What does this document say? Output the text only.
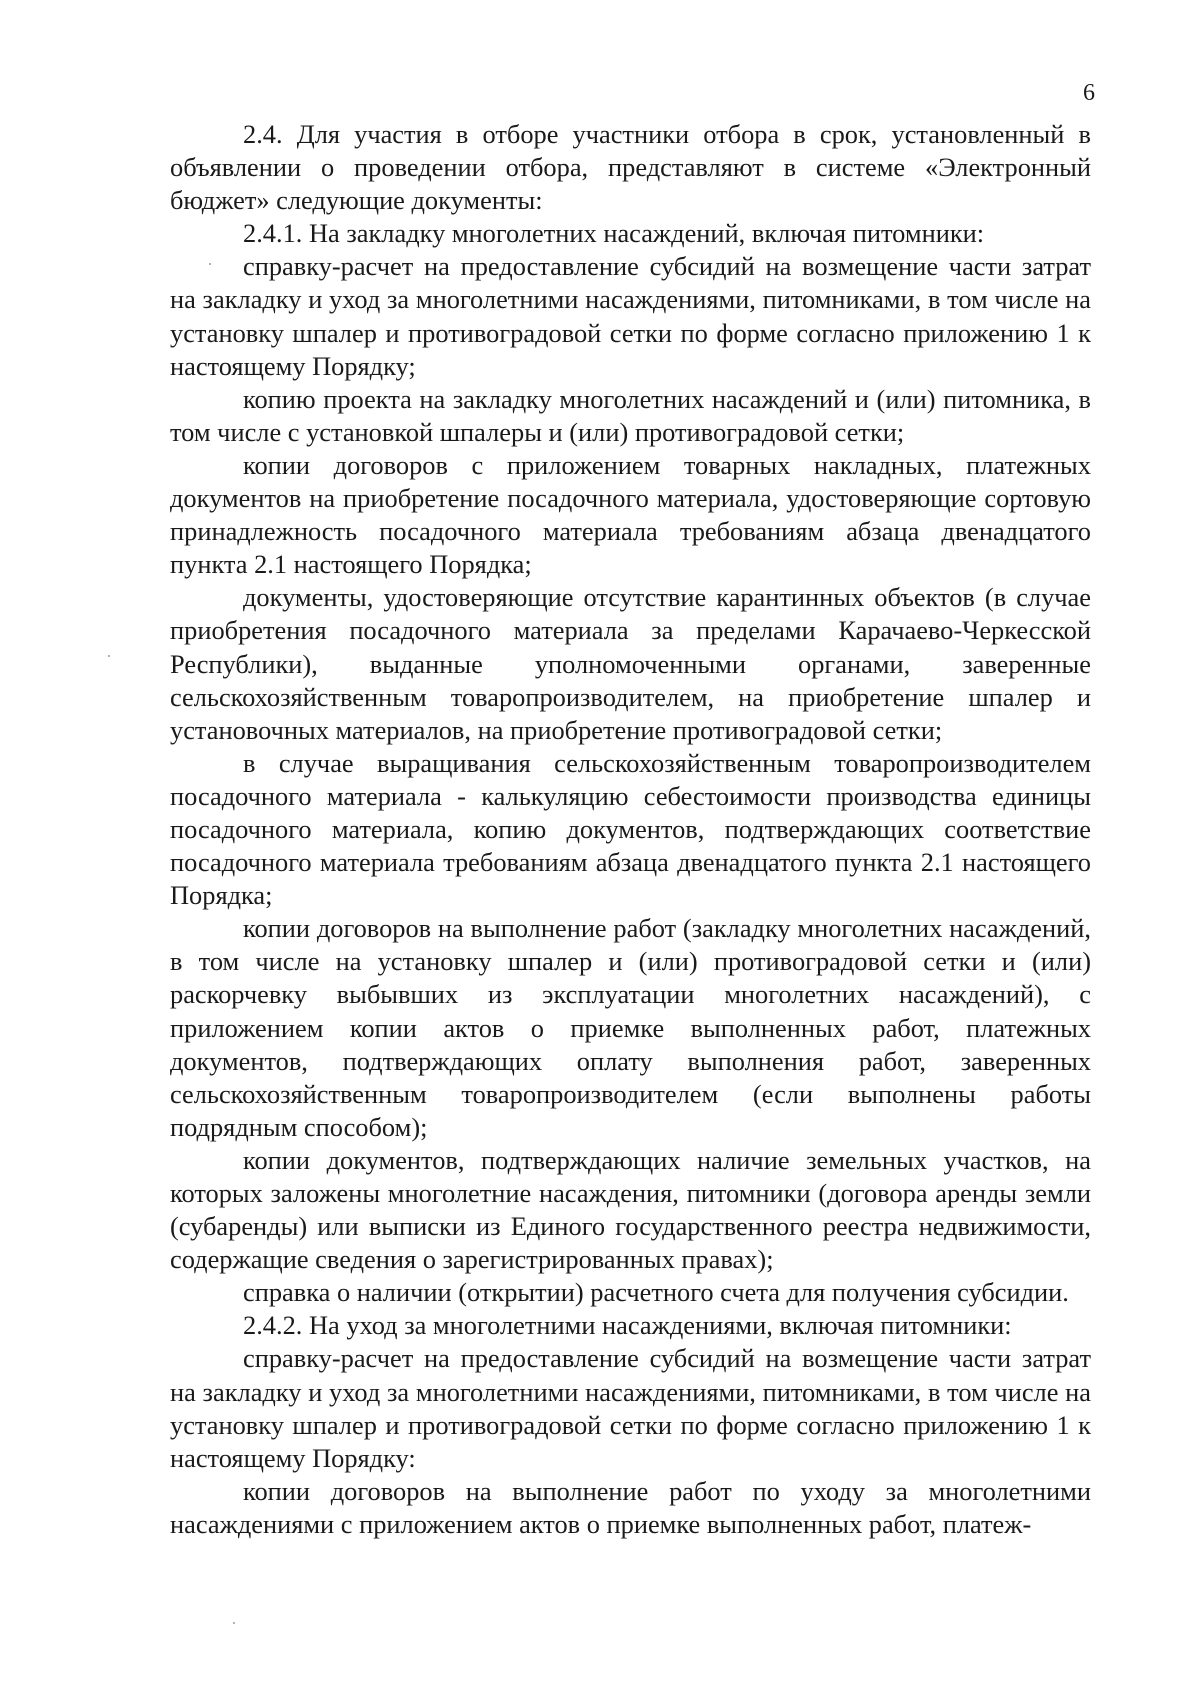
6

2.4. Для участия в отборе участники отбора в срок, установленный в объявлении о проведении отбора, представляют в системе «Электронный бюджет» следующие документы:

2.4.1. На закладку многолетних насаждений, включая питомники:

справку-расчет на предоставление субсидий на возмещение части затрат на закладку и уход за многолетними насаждениями, питомниками, в том числе на установку шпалер и противоградовой сетки по форме согласно приложению 1 к настоящему Порядку;

копию проекта на закладку многолетних насаждений и (или) питомника, в том числе с установкой шпалеры и (или) противоградовой сетки;

копии договоров с приложением товарных накладных, платежных документов на приобретение посадочного материала, удостоверяющие сортовую принадлежность посадочного материала требованиям абзаца двенадцатого пункта 2.1 настоящего Порядка;

документы, удостоверяющие отсутствие карантинных объектов (в случае приобретения посадочного материала за пределами Карачаево-Черкесской Республики), выданные уполномоченными органами, заверенные сельскохозяйственным товаропроизводителем, на приобретение шпалер и установочных материалов, на приобретение противоградовой сетки;

в случае выращивания сельскохозяйственным товаропроизводителем посадочного материала - калькуляцию себестоимости производства единицы посадочного материала, копию документов, подтверждающих соответствие посадочного материала требованиям абзаца двенадцатого пункта 2.1 настоящего Порядка;

копии договоров на выполнение работ (закладку многолетних насаждений, в том числе на установку шпалер и (или) противоградовой сетки и (или) раскорчевку выбывших из эксплуатации многолетних насаждений), с приложением копии актов о приемке выполненных работ, платежных документов, подтверждающих оплату выполнения работ, заверенных сельскохозяйственным товаропроизводителем (если выполнены работы подрядным способом);

копии документов, подтверждающих наличие земельных участков, на которых заложены многолетние насаждения, питомники (договора аренды земли (субаренды) или выписки из Единого государственного реестра недвижимости, содержащие сведения о зарегистрированных правах);

справка о наличии (открытии) расчетного счета для получения субсидии.

2.4.2. На уход за многолетними насаждениями, включая питомники:

справку-расчет на предоставление субсидий на возмещение части затрат на закладку и уход за многолетними насаждениями, питомниками, в том числе на установку шпалер и противоградовой сетки по форме согласно приложению 1 к настоящему Порядку:

копии договоров на выполнение работ по уходу за многолетними насаждениями с приложением актов о приемке выполненных работ, платеж-
